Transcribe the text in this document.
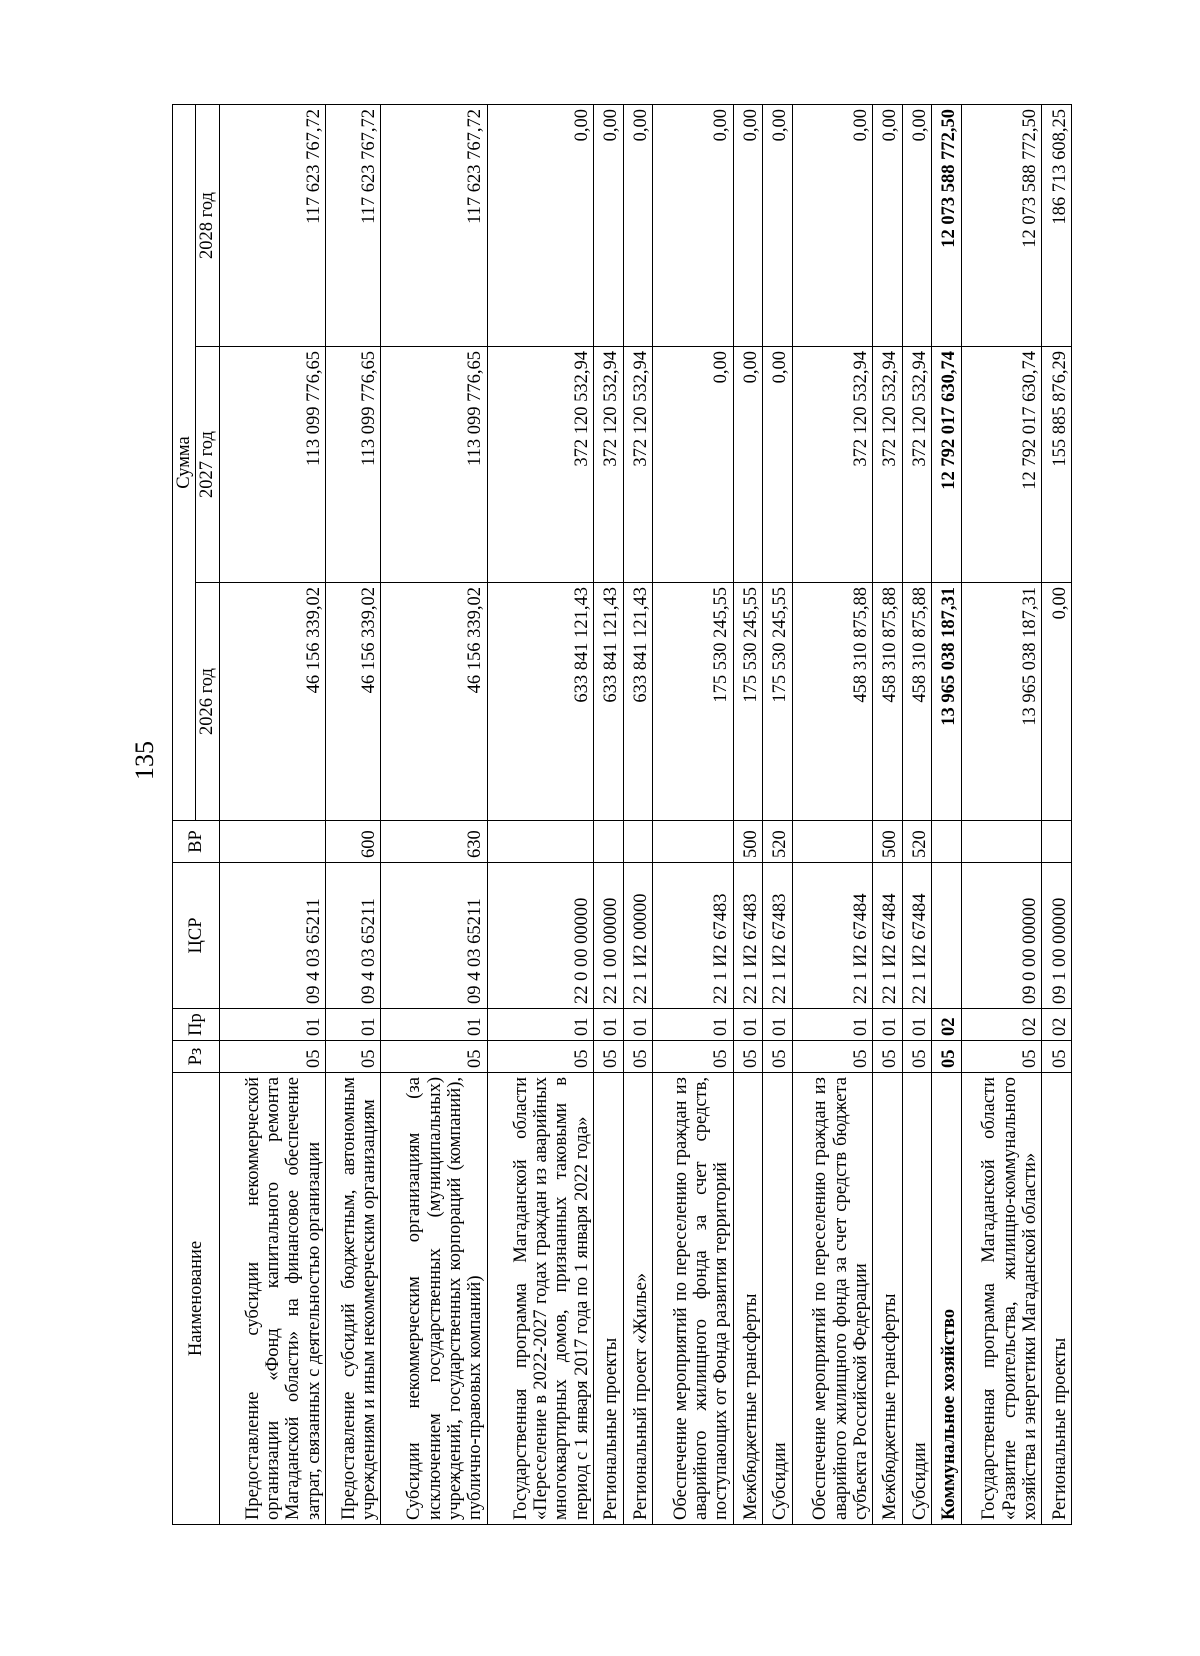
135
Наименование	Рз	Пр	ЦСР	ВР	Сумма		
					2026 год	2027 год	2028 год
Предоставление субсидии некоммерческой организации «Фонд капитального ремонта Магаданской области» на финансовое обеспечение затрат, связанных с деятельностью организации	05	01	09 4 03 65211		46 156 339,02	113 099 776,65	117 623 767,72
Предоставление субсидий бюджетным, автономным учреждениям и иным некоммерческим организациям	05	01	09 4 03 65211	600	46 156 339,02	113 099 776,65	117 623 767,72
Субсидии некоммерческим организациям (за исключением государственных (муниципальных) учреждений, государственных корпораций (компаний), публично-правовых компаний)	05	01	09 4 03 65211	630	46 156 339,02	113 099 776,65	117 623 767,72
Государственная программа Магаданской области «Переселение в 2022-2027 годах граждан из аварийных многоквартирных домов, признанных таковыми в период с 1 января 2017 года по 1 января 2022 года»	05	01	22 0 00 00000		633 841 121,43	372 120 532,94	0,00
Региональные проекты	05	01	22 1 00 00000		633 841 121,43	372 120 532,94	0,00
Региональный проект «Жилье»	05	01	22 1 И2 00000		633 841 121,43	372 120 532,94	0,00
Обеспечение мероприятий по переселению граждан из аварийного жилищного фонда за счет средств, поступающих от Фонда развития территорий	05	01	22 1 И2 67483		175 530 245,55	0,00	0,00
Межбюджетные трансферты	05	01	22 1 И2 67483	500	175 530 245,55	0,00	0,00
Субсидии	05	01	22 1 И2 67483	520	175 530 245,55	0,00	0,00
Обеспечение мероприятий по переселению граждан из аварийного жилищного фонда за счет средств бюджета субъекта Российской Федерации	05	01	22 1 И2 67484		458 310 875,88	372 120 532,94	0,00
Межбюджетные трансферты	05	01	22 1 И2 67484	500	458 310 875,88	372 120 532,94	0,00
Субсидии	05	01	22 1 И2 67484	520	458 310 875,88	372 120 532,94	0,00
Коммунальное хозяйство	05	02			13 965 038 187,31	12 792 017 630,74	12 073 588 772,50
Государственная программа Магаданской области «Развитие строительства, жилищно-коммунального хозяйства и энергетики Магаданской области»	05	02	09 0 00 00000		13 965 038 187,31	12 792 017 630,74	12 073 588 772,50
Региональные проекты	05	02	09 1 00 00000		0,00	155 885 876,29	186 713 608,25
